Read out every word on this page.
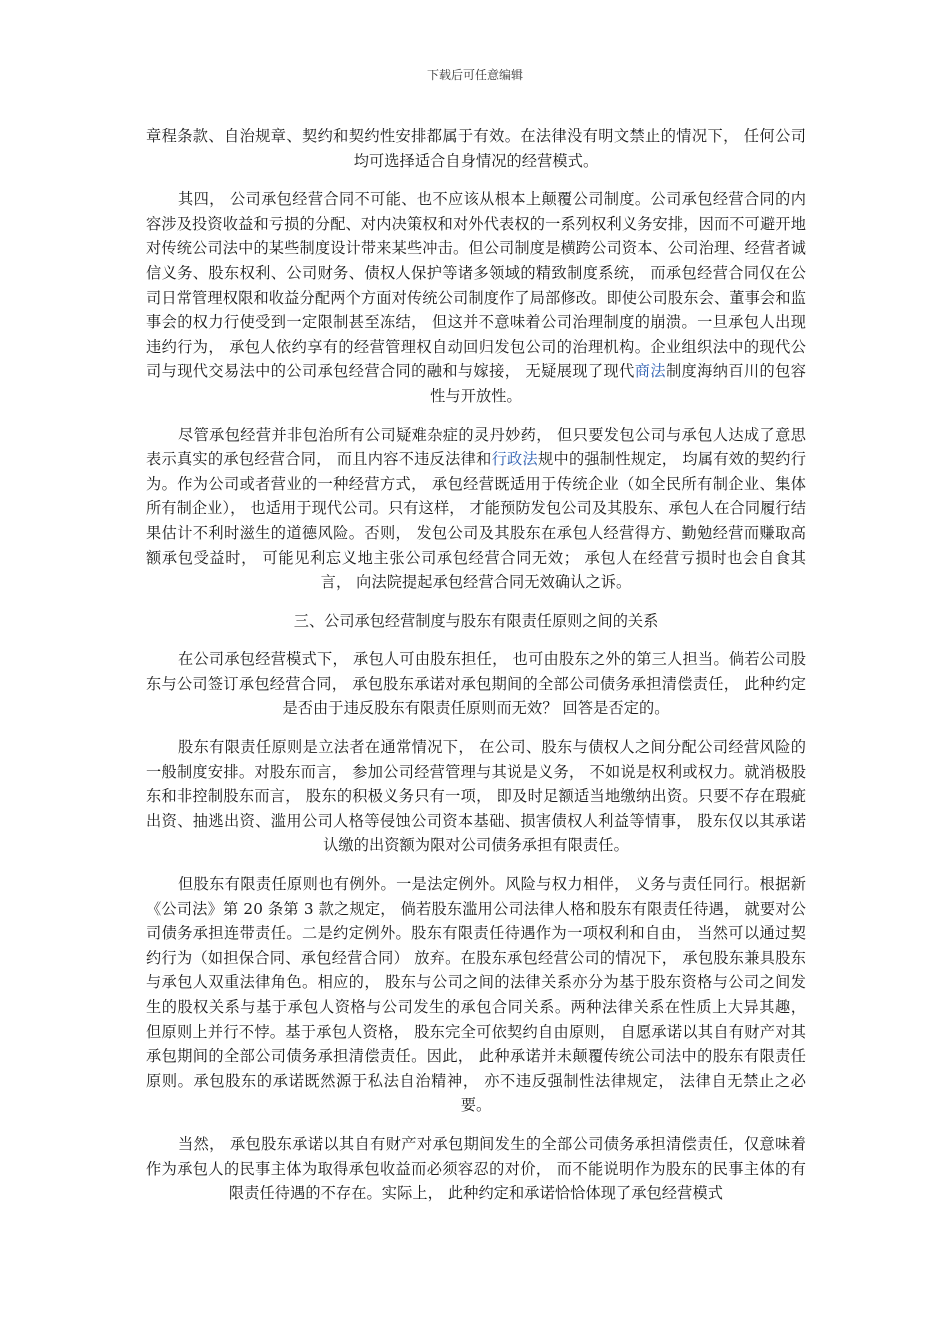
下载后可任意编辑

章程条款、自治规章、契约和契约性安排都属于有效。在法律没有明文禁止的情况下， 任何公司均可选择适合自身情况的经营模式。

其四， 公司承包经营合同不可能、也不应该从根本上颠覆公司制度。公司承包经营合同的内容涉及投资收益和亏损的分配、对内决策权和对外代表权的一系列权利义务安排，因而不可避开地对传统公司法中的某些制度设计带来某些冲击。但公司制度是横跨公司资本、公司治理、经营者诚信义务、股东权利、公司财务、债权人保护等诸多领域的精致制度系统， 而承包经营合同仅在公司日常管理权限和收益分配两个方面对传统公司制度作了局部修改。即使公司股东会、董事会和监事会的权力行使受到一定限制甚至冻结， 但这并不意味着公司治理制度的崩溃。一旦承包人出现违约行为， 承包人依约享有的经营管理权自动回归发包公司的治理机构。企业组织法中的现代公司与现代交易法中的公司承包经营合同的融和与嫁接， 无疑展现了现代商法制度海纳百川的包容性与开放性。

尽管承包经营并非包治所有公司疑难杂症的灵丹妙药， 但只要发包公司与承包人达成了意思表示真实的承包经营合同， 而且内容不违反法律和行政法规中的强制性规定， 均属有效的契约行为。作为公司或者营业的一种经营方式， 承包经营既适用于传统企业（如全民所有制企业、集体所有制企业）， 也适用于现代公司。只有这样， 才能预防发包公司及其股东、承包人在合同履行结果估计不利时滋生的道德风险。否则， 发包公司及其股东在承包人经营得方、勤勉经营而赚取高额承包受益时， 可能见利忘义地主张公司承包经营合同无效； 承包人在经营亏损时也会自食其言， 向法院提起承包经营合同无效确认之诉。

三、公司承包经营制度与股东有限责任原则之间的关系

在公司承包经营模式下， 承包人可由股东担任， 也可由股东之外的第三人担当。倘若公司股东与公司签订承包经营合同， 承包股东承诺对承包期间的全部公司债务承担清偿责任， 此种约定是否由于违反股东有限责任原则而无效？ 回答是否定的。

股东有限责任原则是立法者在通常情况下， 在公司、股东与债权人之间分配公司经营风险的一般制度安排。对股东而言， 参加公司经营管理与其说是义务， 不如说是权利或权力。就消极股东和非控制股东而言， 股东的积极义务只有一项， 即及时足额适当地缴纳出资。只要不存在瑕疵出资、抽逃出资、滥用公司人格等侵蚀公司资本基础、损害债权人利益等情事， 股东仅以其承诺认缴的出资额为限对公司债务承担有限责任。

但股东有限责任原则也有例外。一是法定例外。风险与权力相伴， 义务与责任同行。根据新《公司法》第 20 条第 3 款之规定， 倘若股东滥用公司法律人格和股东有限责任待遇， 就要对公司债务承担连带责任。二是约定例外。股东有限责任待遇作为一项权利和自由， 当然可以通过契约行为（如担保合同、承包经营合同） 放弃。在股东承包经营公司的情况下， 承包股东兼具股东与承包人双重法律角色。相应的， 股东与公司之间的法律关系亦分为基于股东资格与公司之间发生的股权关系与基于承包人资格与公司发生的承包合同关系。两种法律关系在性质上大异其趣， 但原则上并行不悖。基于承包人资格， 股东完全可依契约自由原则， 自愿承诺以其自有财产对其承包期间的全部公司债务承担清偿责任。因此， 此种承诺并未颠覆传统公司法中的股东有限责任原则。承包股东的承诺既然源于私法自治精神， 亦不违反强制性法律规定， 法律自无禁止之必要。

当然， 承包股东承诺以其自有财产对承包期间发生的全部公司债务承担清偿责任，仅意味着作为承包人的民事主体为取得承包收益而必须容忍的对价， 而不能说明作为股东的民事主体的有限责任待遇的不存在。实际上， 此种约定和承诺恰恰体现了承包经营模式
